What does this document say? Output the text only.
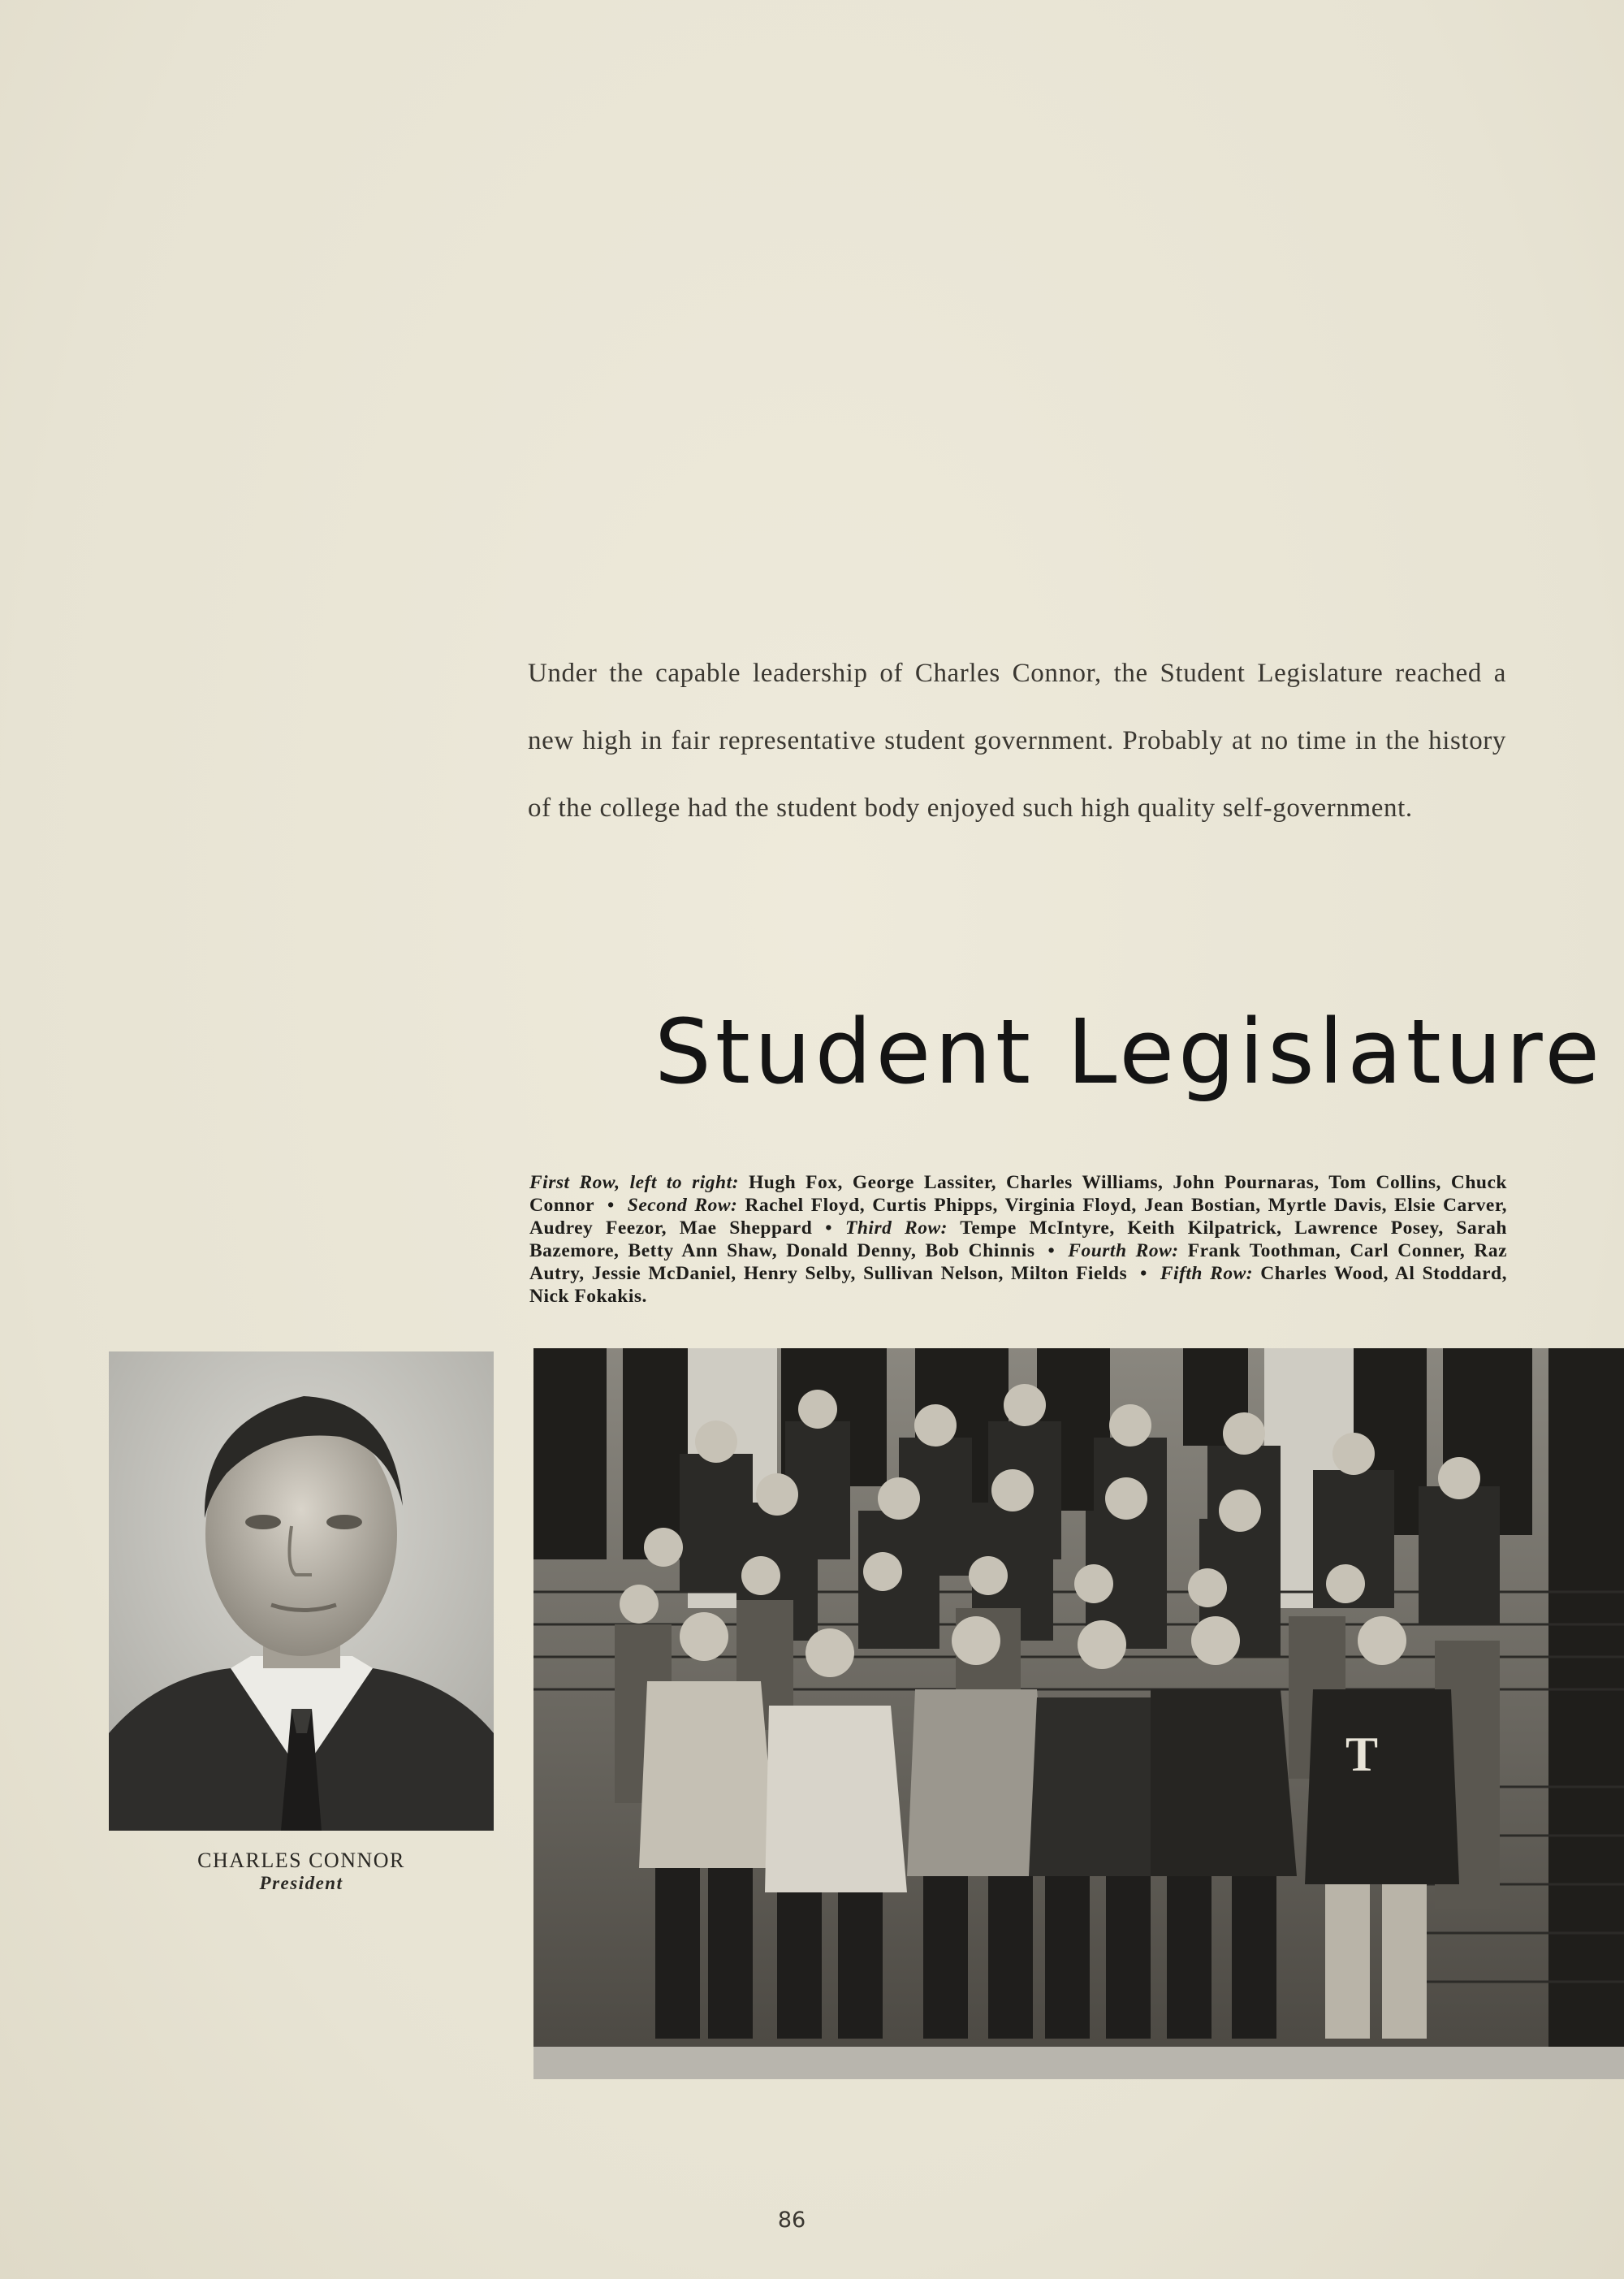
Under the capable leadership of Charles Connor, the Student Legislature reached a new high in fair representative student government. Probably at no time in the history of the college had the student body enjoyed such high quality self-government.

Student Legislature
First Row, left to right: Hugh Fox, George Lassiter, Charles Williams, John Pournaras, Tom Collins, Chuck Connor • Second Row: Rachel Floyd, Curtis Phipps, Virginia Floyd, Jean Bostian, Myrtle Davis, Elsie Carver, Audrey Feezor, Mae Sheppard • Third Row: Tempe McIntyre, Keith Kilpatrick, Lawrence Posey, Sarah Bazemore, Betty Ann Shaw, Donald Denny, Bob Chinnis • Fourth Row: Frank Toothman, Carl Conner, Raz Autry, Jessie McDaniel, Henry Selby, Sullivan Nelson, Milton Fields • Fifth Row: Charles Wood, Al Stoddard, Nick Fokakis.
CHARLES CONNOR
President
T
86
